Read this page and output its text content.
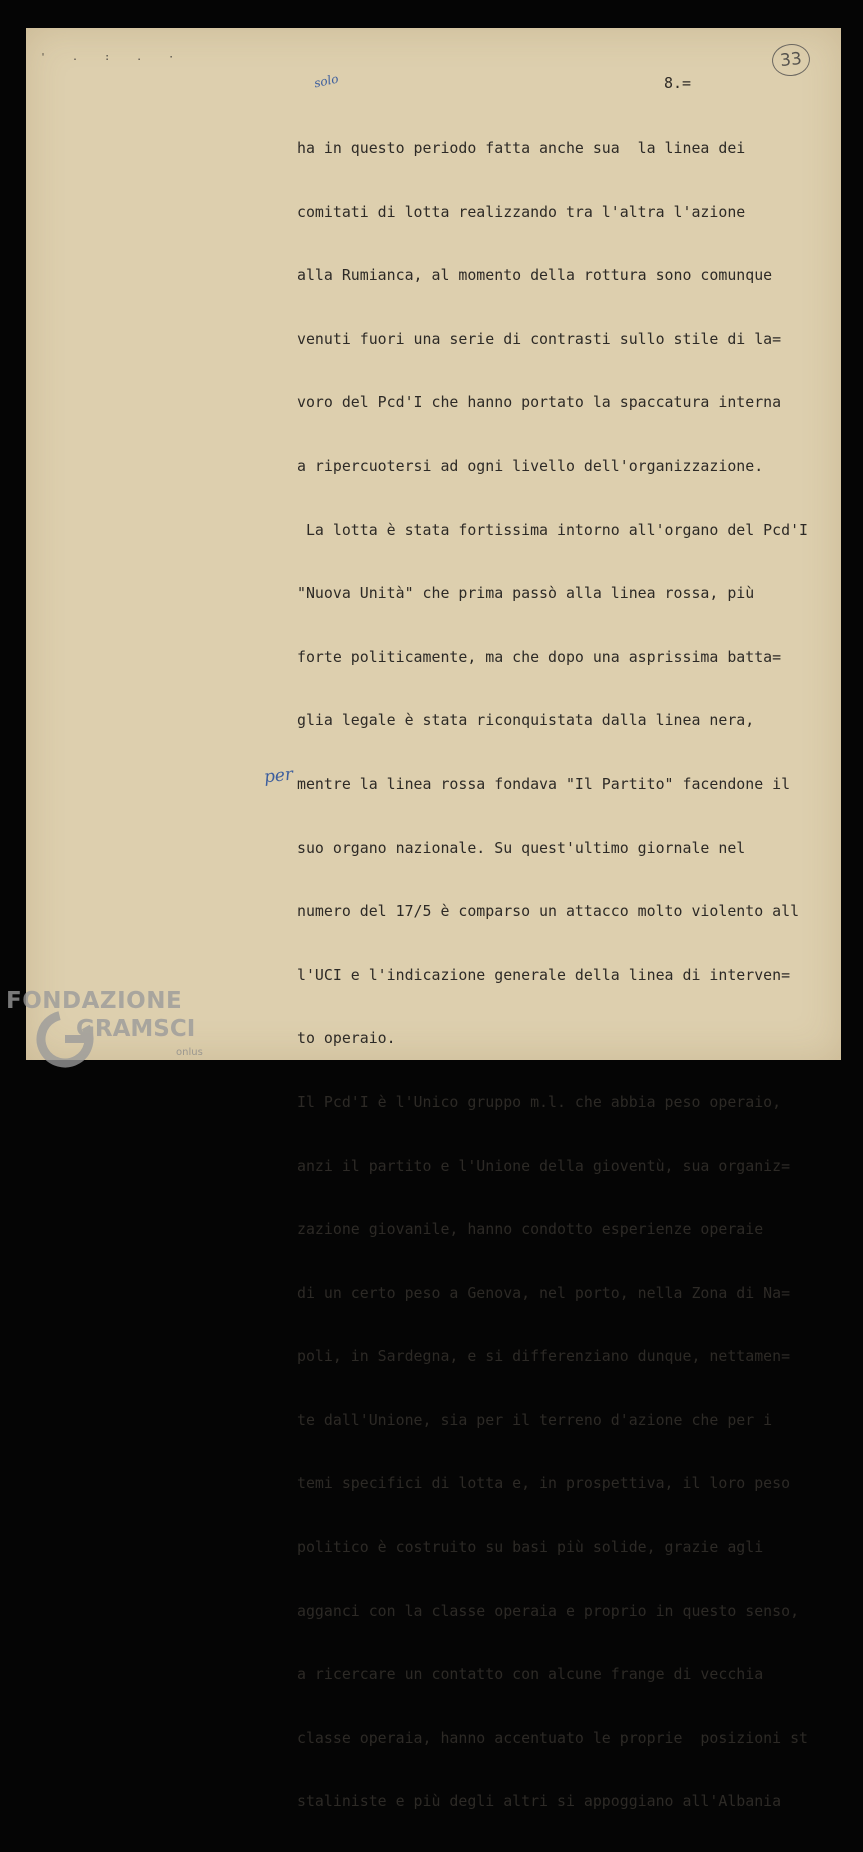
' . : . ·
8.=
33
solo
per

ha in questo periodo fatta anche sua  la linea dei

comitati di lotta realizzando tra l'altra l'azione

alla Rumianca, al momento della rottura sono comunque

venuti fuori una serie di contrasti sullo stile di la=

voro del Pcd'I che hanno portato la spaccatura interna

a ripercuotersi ad ogni livello dell'organizzazione.

La lotta è stata fortissima intorno all'organo del Pcd'I

"Nuova Unità" che prima passò alla linea rossa, più

forte politicamente, ma che dopo una asprissima batta=

glia legale è stata riconquistata dalla linea nera,

mentre la linea rossa fondava "Il Partito" facendone il

suo organo nazionale. Su quest'ultimo giornale nel

numero del 17/5 è comparso un attacco molto violento all

l'UCI e l'indicazione generale della linea di interven=

to operaio.

Il Pcd'I è l'Unico gruppo m.l. che abbia peso operaio,

anzi il partito e l'Unione della gioventù, sua organiz=

zazione giovanile, hanno condotto esperienze operaie

di un certo peso a Genova, nel porto, nella Zona di Na=

poli, in Sardegna, e si differenziano dunque, nettamen=

te dall'Unione, sia per il terreno d'azione che per i

temi specifici di lotta e, in prospettiva, il loro peso

politico è costruito su basi più solide, grazie agli

agganci con la classe operaia e proprio in questo senso,

a ricercare un contatto con alcune frange di vecchia

classe operaia, hanno accentuato le proprie  posizioni st

staliniste e più degli altri si appoggiano all'Albania

FONDAZIONE
GRAMSCI
onlus
